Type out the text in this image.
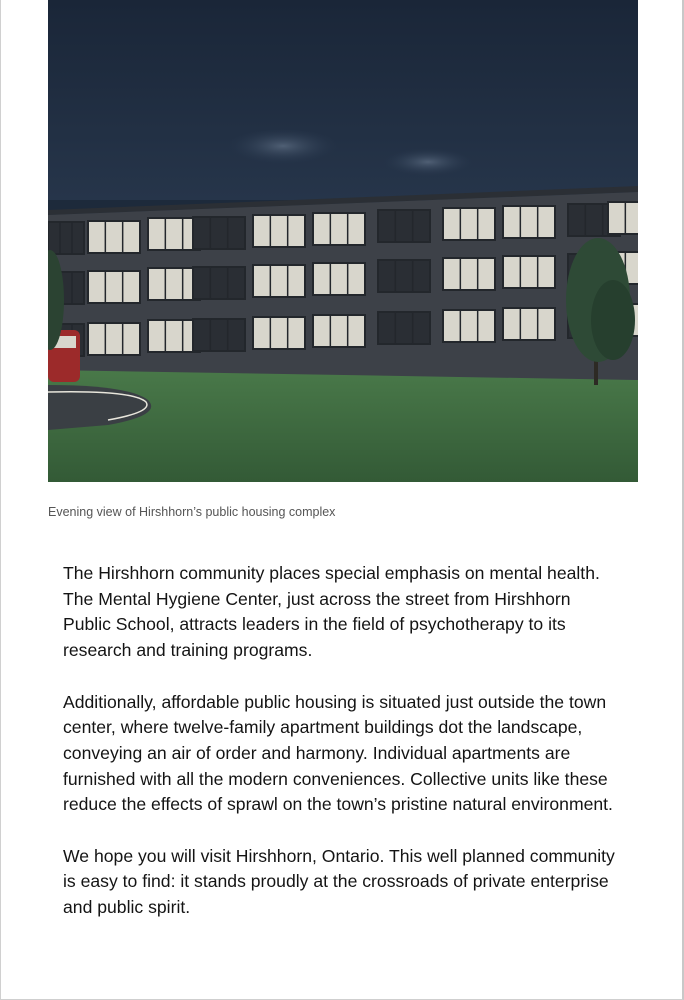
Evening view of Hirshhorn’s public housing complex

The Hirshhorn community places special emphasis on mental health. The Mental Hygiene Center, just across the street from Hirshhorn Public School, attracts leaders in the field of psychotherapy to its research and training programs.

Additionally, affordable public housing is situated just outside the town center, where twelve-family apartment buildings dot the landscape, conveying an air of order and harmony. Individual apartments are furnished with all the modern conveniences. Collective units like these reduce the effects of sprawl on the town’s pristine natural environment.

We hope you will visit Hirshhorn, Ontario. This well planned community is easy to find: it stands proudly at the crossroads of private enterprise and public spirit.
